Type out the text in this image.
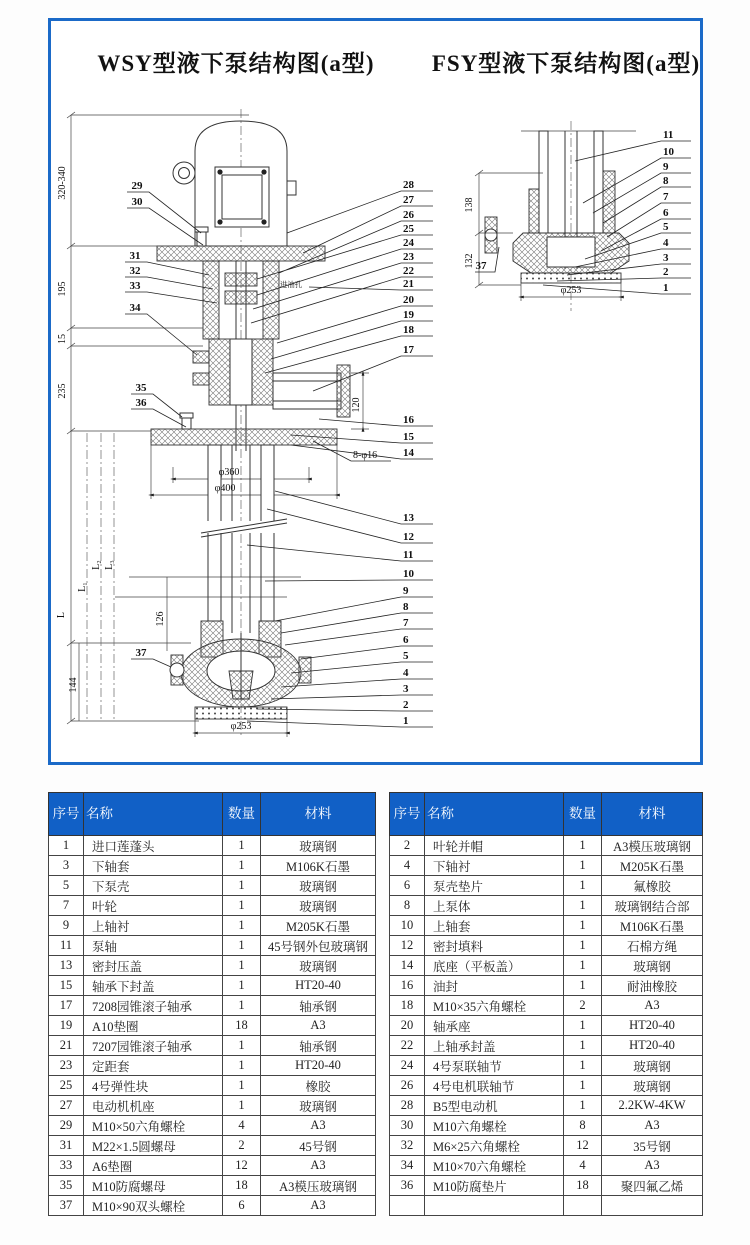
WSY型液下泵结构图(a型)	FSY型液下泵结构图(a型)
320-340
195
15
235
L
L₁
L₂ L₃
126
144
120
φ360
φ400
8-φ16
φ253
进油孔
28
27
26
25
24
23
22
21
20
19
18
17
16
15
14
13
12
11
10
9
8
7
6
5
4
3
2
1
29
30
31
32
33
34
35
36
37
138
132
φ253
11
10
9
8
7
6
5
4
3
2
1
37
序号	名称	数量	材料
1	进口莲蓬头	1	玻璃钢
3	下轴套	1	M106K石墨
5	下泵壳	1	玻璃钢
7	叶轮	1	玻璃钢
9	上轴衬	1	M205K石墨
11	泵轴	1	45号钢外包玻璃钢
13	密封压盖	1	玻璃钢
15	轴承下封盖	1	HT20-40
17	7208园锥滚子轴承	1	轴承钢
19	A10垫圈	18	A3
21	7207园锥滚子轴承	1	轴承钢
23	定距套	1	HT20-40
25	4号弹性块	1	橡胶
27	电动机机座	1	玻璃钢
29	M10×50六角螺栓	4	A3
31	M22×1.5圆螺母	2	45号钢
33	A6垫圈	12	A3
35	M10防腐螺母	18	A3模压玻璃钢
37	M10×90双头螺栓	6	A3
序号	名称	数量	材料
2	叶轮并帽	1	A3模压玻璃钢
4	下轴衬	1	M205K石墨
6	泵壳垫片	1	氟橡胶
8	上泵体	1	玻璃钢结合部
10	上轴套	1	M106K石墨
12	密封填料	1	石棉方绳
14	底座（平板盖）	1	玻璃钢
16	油封	1	耐油橡胶
18	M10×35六角螺栓	2	A3
20	轴承座	1	HT20-40
22	上轴承封盖	1	HT20-40
24	4号泵联轴节	1	玻璃钢
26	4号电机联轴节	1	玻璃钢
28	B5型电动机	1	2.2KW-4KW
30	M10六角螺栓	8	A3
32	M6×25六角螺栓	12	35号钢
34	M10×70六角螺栓	4	A3
36	M10防腐垫片	18	聚四氟乙烯
